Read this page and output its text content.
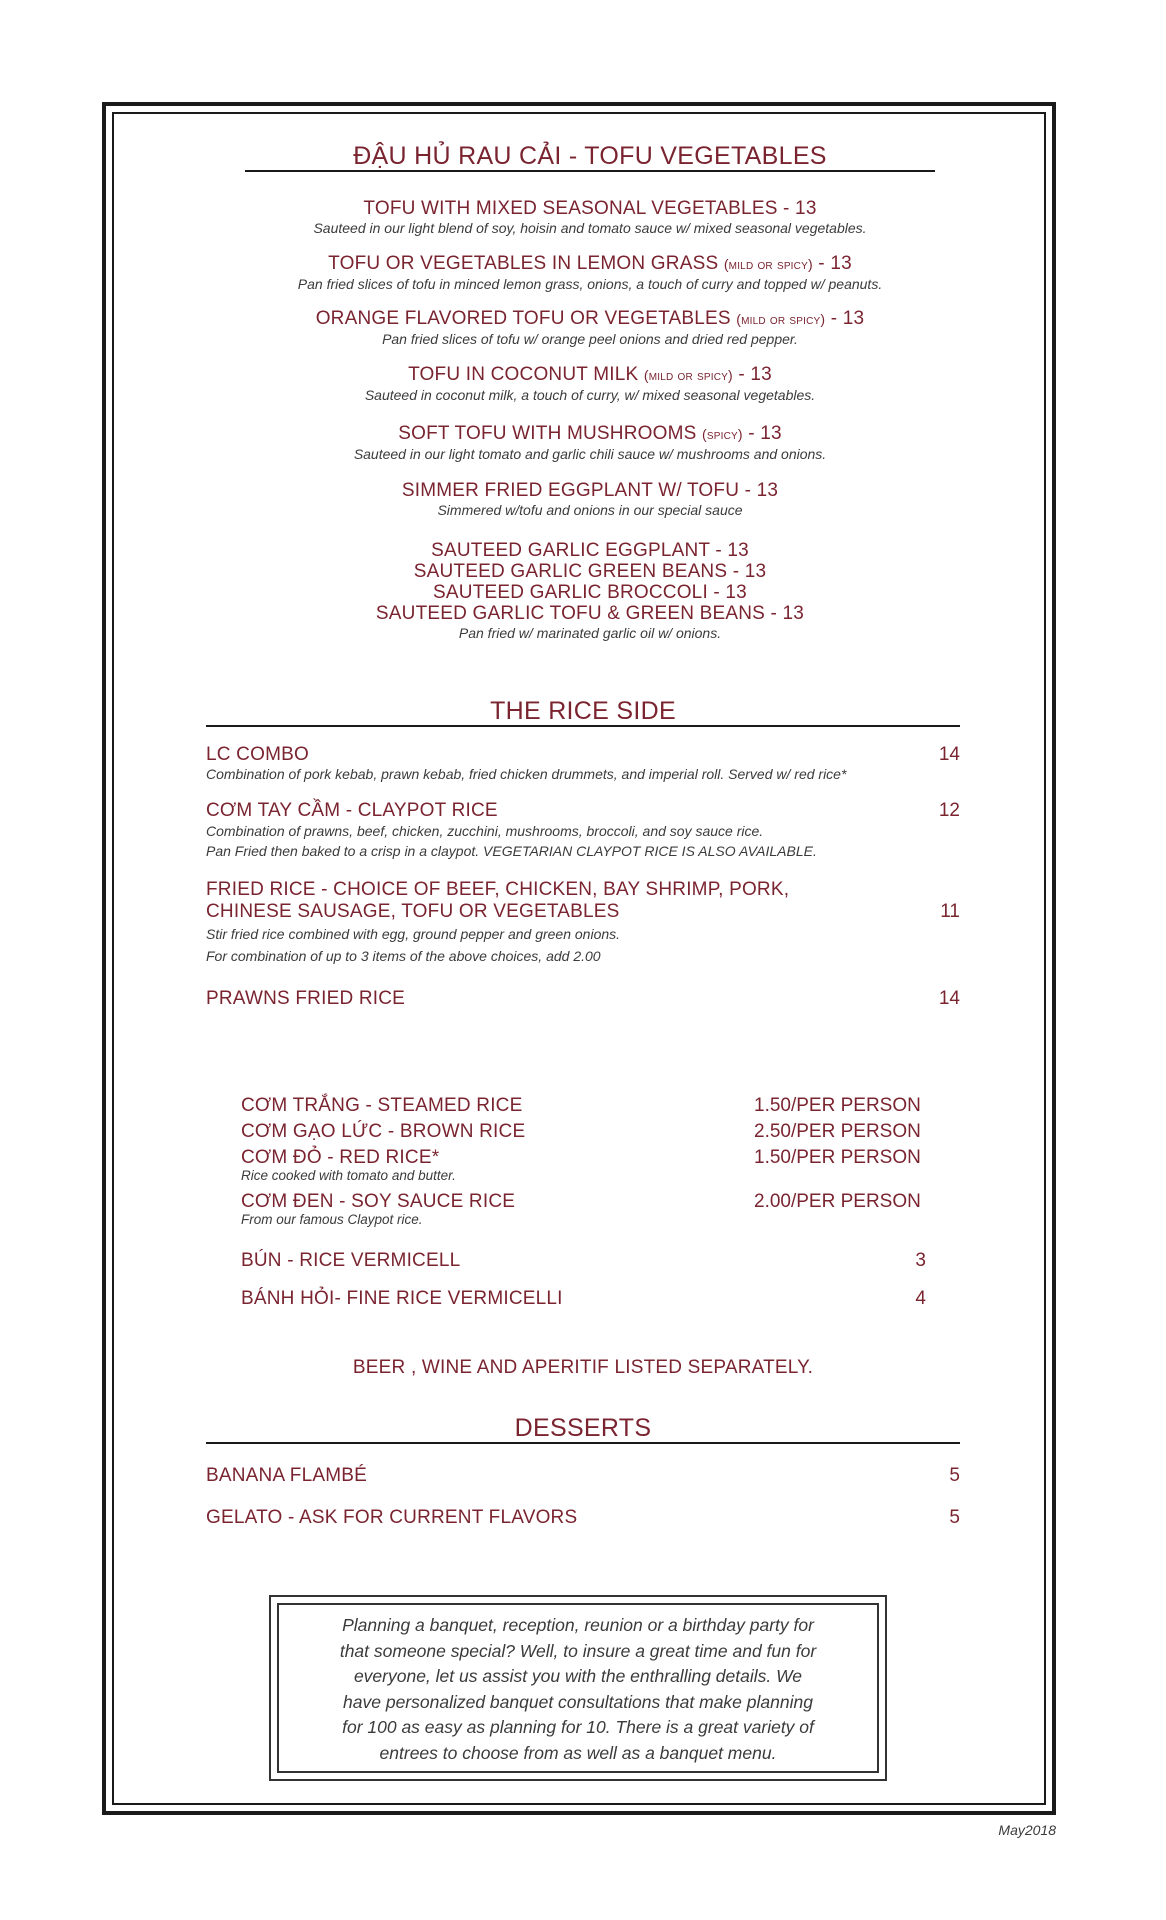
ĐẬU HỦ RAU CẢI - TOFU VEGETABLES
TOFU WITH MIXED SEASONAL VEGETABLES - 13
Sauteed in our light blend of soy, hoisin and tomato sauce w/ mixed seasonal vegetables.
TOFU OR VEGETABLES IN LEMON GRASS (mild or spicy) - 13
Pan fried slices of tofu in minced lemon grass, onions, a touch of curry and topped w/ peanuts.
ORANGE FLAVORED TOFU OR VEGETABLES (mild or spicy) - 13
Pan fried slices of tofu w/ orange peel onions and dried red pepper.
TOFU IN COCONUT MILK (mild or spicy) - 13
Sauteed in coconut milk, a touch of curry, w/ mixed seasonal vegetables.
SOFT TOFU WITH MUSHROOMS (spicy) - 13
Sauteed in our light tomato and garlic chili sauce w/ mushrooms and onions.
SIMMER FRIED EGGPLANT W/ TOFU - 13
Simmered w/tofu and onions in our special sauce
SAUTEED GARLIC EGGPLANT - 13
SAUTEED GARLIC GREEN BEANS - 13
SAUTEED GARLIC BROCCOLI - 13
SAUTEED GARLIC TOFU & GREEN BEANS - 13
Pan fried w/ marinated garlic oil w/ onions.
THE RICE SIDE
LC COMBO
Combination of pork kebab, prawn kebab, fried chicken drummets, and imperial roll. Served w/ red rice*
14
CƠM TAY CẦM - CLAYPOT RICE
Combination of prawns, beef, chicken, zucchini, mushrooms, broccoli, and soy sauce rice.
Pan Fried then baked to a crisp in a claypot. VEGETARIAN CLAYPOT RICE IS ALSO AVAILABLE.
12
FRIED RICE - CHOICE OF BEEF, CHICKEN, BAY SHRIMP, PORK,
CHINESE SAUSAGE, TOFU OR VEGETABLES
Stir fried rice combined with egg, ground pepper and green onions.
For combination of up to 3 items of the above choices, add 2.00
11
PRAWNS FRIED RICE	14
CƠM TRẮNG - STEAMED RICE	1.50/PER PERSON
CƠM GẠO LỨC - BROWN RICE	2.50/PER PERSON
CƠM ĐỎ - RED RICE*
Rice cooked with tomato and butter.
1.50/PER PERSON
CƠM ĐEN - SOY SAUCE RICE
From our famous Claypot rice.
2.00/PER PERSON
BÚN - RICE VERMICELL	3
BÁNH HỎI- FINE RICE VERMICELLI	4
BEER , WINE AND APERITIF LISTED SEPARATELY.
DESSERTS
BANANA FLAMBÉ	5
GELATO - ASK FOR CURRENT FLAVORS	5
Planning a banquet, reception, reunion or a birthday party for
that someone special? Well, to insure a great time and fun for
everyone, let us assist you with the enthralling details. We
have personalized banquet consultations that make planning
for 100 as easy as planning for 10. There is a great variety of
entrees to choose from as well as a banquet menu.
May2018
